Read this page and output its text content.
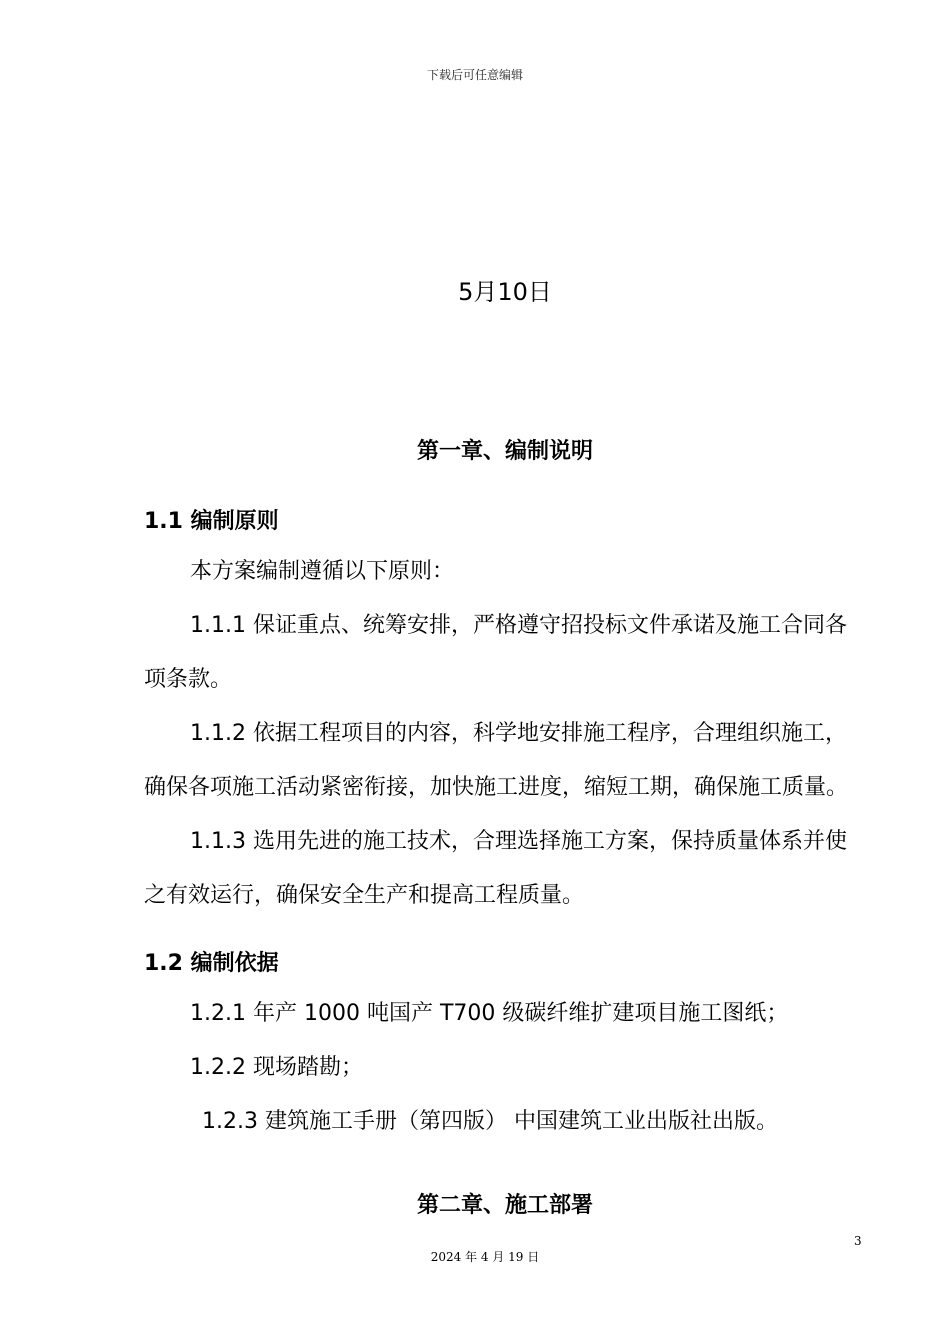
下载后可任意编辑
5月10日
第一章、编制说明
1.1 编制原则

本方案编制遵循以下原则：

1.1.1 保证重点、统筹安排，严格遵守招投标文件承诺及施工合同各项条款。

1.1.2 依据工程项目的内容，科学地安排施工程序，合理组织施工，确保各项施工活动紧密衔接，加快施工进度，缩短工期，确保施工质量。

1.1.3 选用先进的施工技术，合理选择施工方案，保持质量体系并使之有效运行，确保安全生产和提高工程质量。

1.2 编制依据

1.2.1 年产 1000 吨国产 T700 级碳纤维扩建项目施工图纸；

1.2.2 现场踏勘；

1.2.3 建筑施工手册（第四版） 中国建筑工业出版社出版。

第二章、施工部署
3
2024 年 4 月 19 日
